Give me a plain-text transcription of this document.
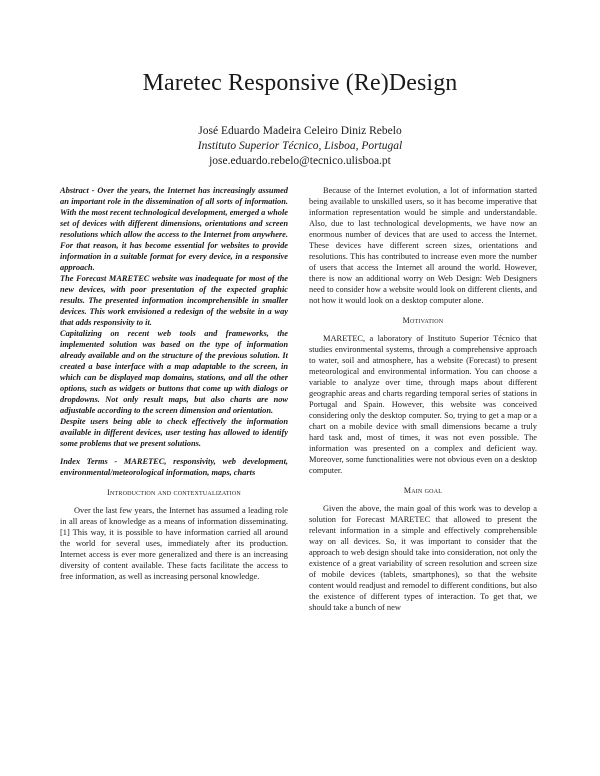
Maretec Responsive (Re)Design
José Eduardo Madeira Celeiro Diniz Rebelo
Instituto Superior Técnico, Lisboa, Portugal
jose.eduardo.rebelo@tecnico.ulisboa.pt

Abstract - Over the years, the Internet has increasingly assumed an important role in the dissemination of all sorts of information. With the most recent technological development, emerged a whole set of devices with different dimensions, orientations and screen resolutions which allow the access to the Internet from anywhere. For that reason, it has become essential for websites to provide information in a suitable format for every device, in a responsive approach.

The Forecast MARETEC website was inadequate for most of the new devices, with poor presentation of the expected graphic results. The presented information incomprehensible in smaller devices. This work envisioned a redesign of the website in a way that adds responsivity to it.

Capitalizing on recent web tools and frameworks, the implemented solution was based on the type of information already available and on the structure of the previous solution. It created a base interface with a map adaptable to the screen, in which can be displayed map domains, stations, and all the other options, such as widgets or buttons that come up with dialogs or dropdowns. Not only result maps, but also charts are now adjustable according to the screen dimension and orientation.

Despite users being able to check effectively the information available in different devices, user testing has allowed to identify some problems that we present solutions.

Index Terms - MARETEC, responsivity, web development, environmental/meteorological information, maps, charts

Introduction and contextualization

Over the last few years, the Internet has assumed a leading role in all areas of knowledge as a means of information disseminating. [1] This way, it is possible to have information carried all around the world for several uses, immediately after its production. Internet access is ever more generalized and there is an increasing diversity of content available. These facts facilitate the access to free information, as well as increasing personal knowledge.

Because of the Internet evolution, a lot of information started being available to unskilled users, so it has become imperative that information representation would be simple and understandable. Also, due to last technological developments, we have now an enormous number of devices that are used to access the Internet. These devices have different screen sizes, orientations and resolutions. This has contributed to increase even more the number of users that access the Internet all around the world. However, there is now an additional worry on Web Design: Web Designers need to consider how a website would look on different clients, and not how it would look on a desktop computer alone.

Motivation

MARETEC, a laboratory of Instituto Superior Técnico that studies environmental systems, through a comprehensive approach to water, soil and atmosphere, has a website (Forecast) to present meteorological and environmental information. You can choose a variable to analyze over time, through maps about different geographic areas and charts regarding temporal series of stations in Portugal and Spain. However, this website was conceived considering only the desktop computer. So, trying to get a map or a chart on a mobile device with small dimensions became a truly hard task and, most of times, it was not even possible. The information was presented on a complex and deficient way. Moreover, some functionalities were not obvious even on a desktop computer.

Main goal

Given the above, the main goal of this work was to develop a solution for Forecast MARETEC that allowed to present the relevant information in a simple and effectively comprehensible way on all devices. So, it was important to consider that the approach to web design should take into consideration, not only the existence of a great variability of screen resolution and screen size of mobile devices (tablets, smartphones), so that the website content would readjust and remodel to different conditions, but also the existence of different types of interaction. To get that, we should take a bunch of new
